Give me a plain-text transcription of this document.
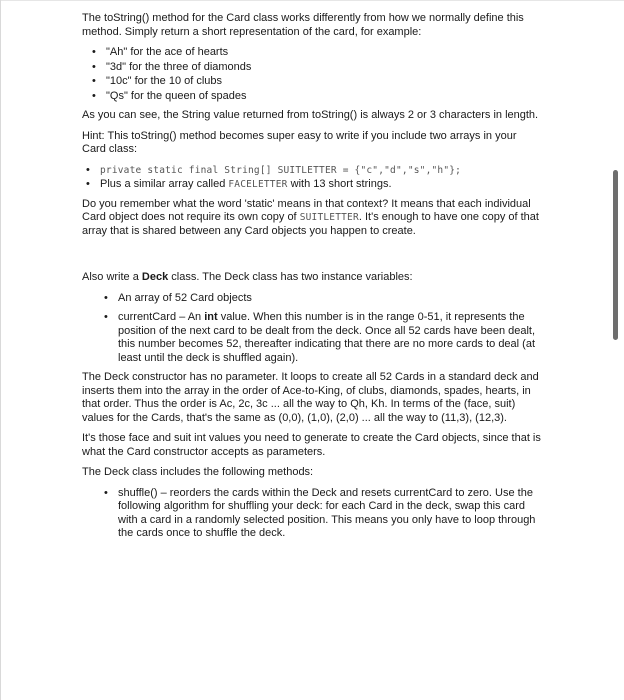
The toString() method for the Card class works differently from how we normally define this method. Simply return a short representation of the card, for example:

• "Ah" for the ace of hearts
• "3d" for the three of diamonds
• "10c" for the 10 of clubs
• "Qs" for the queen of spades

As you can see, the String value returned from toString() is always 2 or 3 characters in length.

Hint: This toString() method becomes super easy to write if you include two arrays in your Card class:

• private static final String[] SUITLETTER = {"c","d","s","h"};
• Plus a similar array called FACELETTER with 13 short strings.

Do you remember what the word 'static' means in that context? It means that each individual Card object does not require its own copy of SUITLETTER. It's enough to have one copy of that array that is shared between any Card objects you happen to create.

Also write a Deck class. The Deck class has two instance variables:

• An array of 52 Card objects
• currentCard – An int value. When this number is in the range 0-51, it represents the position of the next card to be dealt from the deck. Once all 52 cards have been dealt, this number becomes 52, thereafter indicating that there are no more cards to deal (at least until the deck is shuffled again).

The Deck constructor has no parameter. It loops to create all 52 Cards in a standard deck and inserts them into the array in the order of Ace-to-King, of clubs, diamonds, spades, hearts, in that order. Thus the order is Ac, 2c, 3c ... all the way to Qh, Kh. In terms of the (face, suit) values for the Cards, that's the same as (0,0), (1,0), (2,0) ... all the way to (11,3), (12,3).

It's those face and suit int values you need to generate to create the Card objects, since that is what the Card constructor accepts as parameters.

The Deck class includes the following methods:

• shuffle() – reorders the cards within the Deck and resets currentCard to zero. Use the following algorithm for shuffling your deck: for each Card in the deck, swap this card with a card in a randomly selected position. This means you only have to loop through the cards once to shuffle the deck.
